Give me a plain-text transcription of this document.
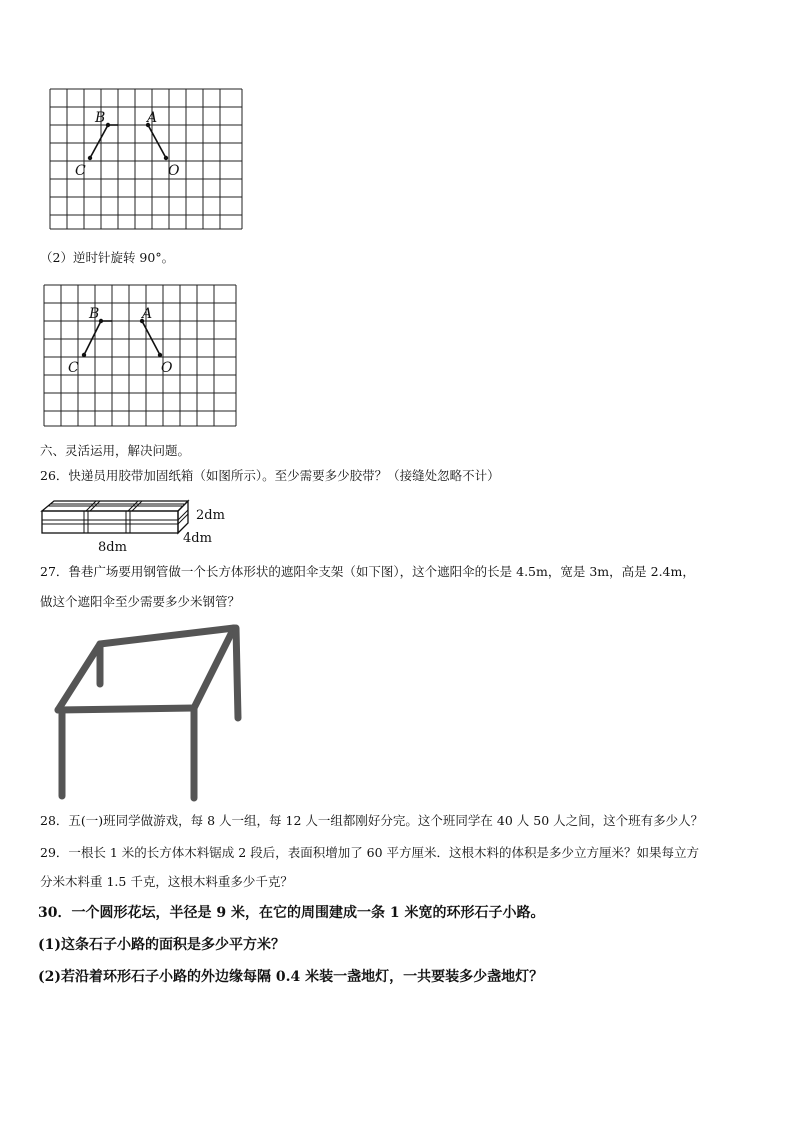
B	A
C	O
（2）逆时针旋转 90°。
B	A
C	O
六、灵活运用，解决问题。
26．快递员用胶带加固纸箱（如图所示）。至少需要多少胶带？（接缝处忽略不计）
2dm
4dm
8dm
27．鲁巷广场要用钢管做一个长方体形状的遮阳伞支架（如下图），这个遮阳伞的长是 4.5m，宽是 3m，高是 2.4m，
做这个遮阳伞至少需要多少米钢管？
28．五(一)班同学做游戏，每 8 人一组，每 12 人一组都刚好分完。这个班同学在 40 人 50 人之间，这个班有多少人？
29．一根长 1 米的长方体木料锯成 2 段后，表面积增加了 60 平方厘米．这根木料的体积是多少立方厘米？如果每立方
分米木料重 1.5 千克，这根木料重多少千克？
30．一个圆形花坛，半径是 9 米，在它的周围建成一条 1 米宽的环形石子小路。
(1)这条石子小路的面积是多少平方米？
(2)若沿着环形石子小路的外边缘每隔 0.4 米装一盏地灯，一共要装多少盏地灯？
